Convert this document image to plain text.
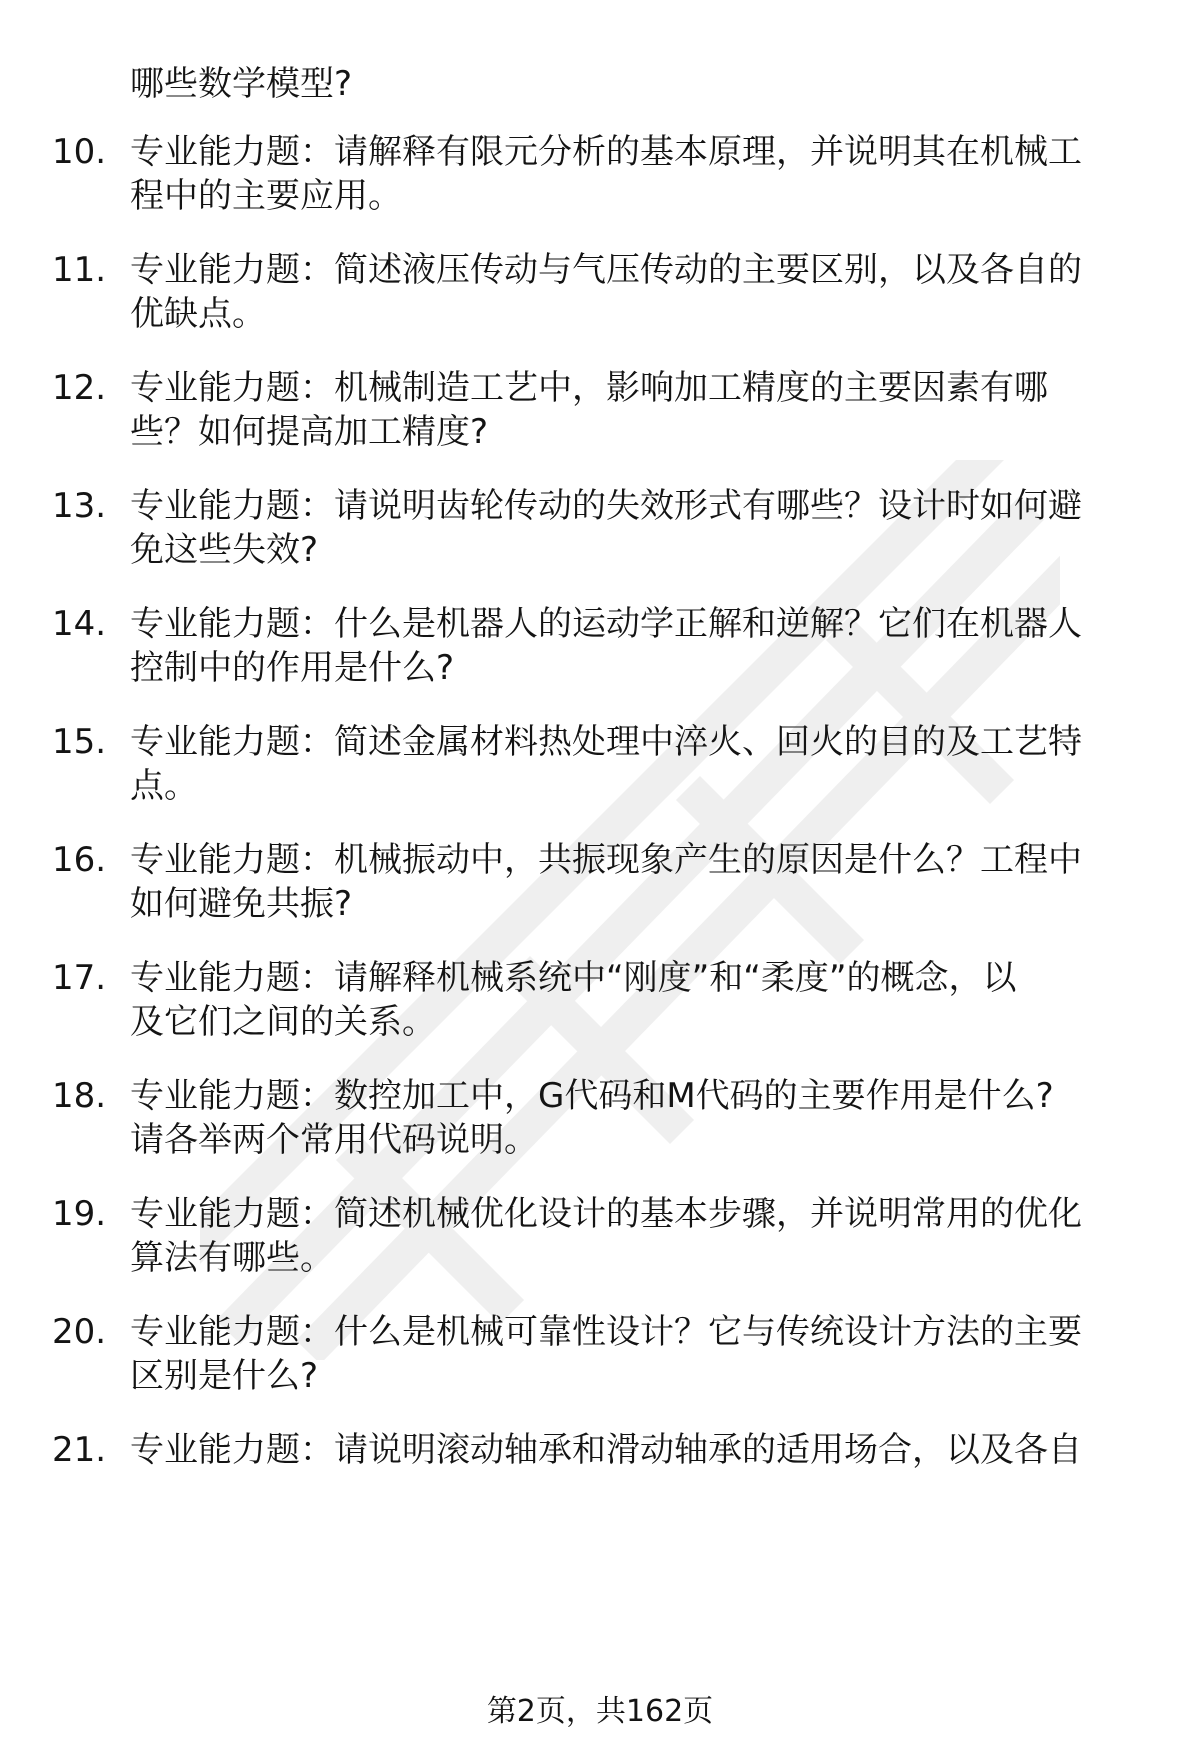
哪些数学模型?
10. 专业能力题：请解释有限元分析的基本原理，并说明其在机械工
程中的主要应用。
11. 专业能力题：简述液压传动与气压传动的主要区别，以及各自的
优缺点。
12. 专业能力题：机械制造工艺中，影响加工精度的主要因素有哪
些？如何提高加工精度?
13. 专业能力题：请说明齿轮传动的失效形式有哪些？设计时如何避
免这些失效?
14. 专业能力题：什么是机器人的运动学正解和逆解？它们在机器人
控制中的作用是什么?
15. 专业能力题：简述金属材料热处理中淬火、回火的目的及工艺特
点。
16. 专业能力题：机械振动中，共振现象产生的原因是什么？工程中
如何避免共振?
17. 专业能力题：请解释机械系统中“刚度”和“柔度”的概念，以
及它们之间的关系。
18. 专业能力题：数控加工中，G代码和M代码的主要作用是什么?
请各举两个常用代码说明。
19. 专业能力题：简述机械优化设计的基本步骤，并说明常用的优化
算法有哪些。
20. 专业能力题：什么是机械可靠性设计？它与传统设计方法的主要
区别是什么?
21. 专业能力题：请说明滚动轴承和滑动轴承的适用场合，以及各自
第2页，共162页
